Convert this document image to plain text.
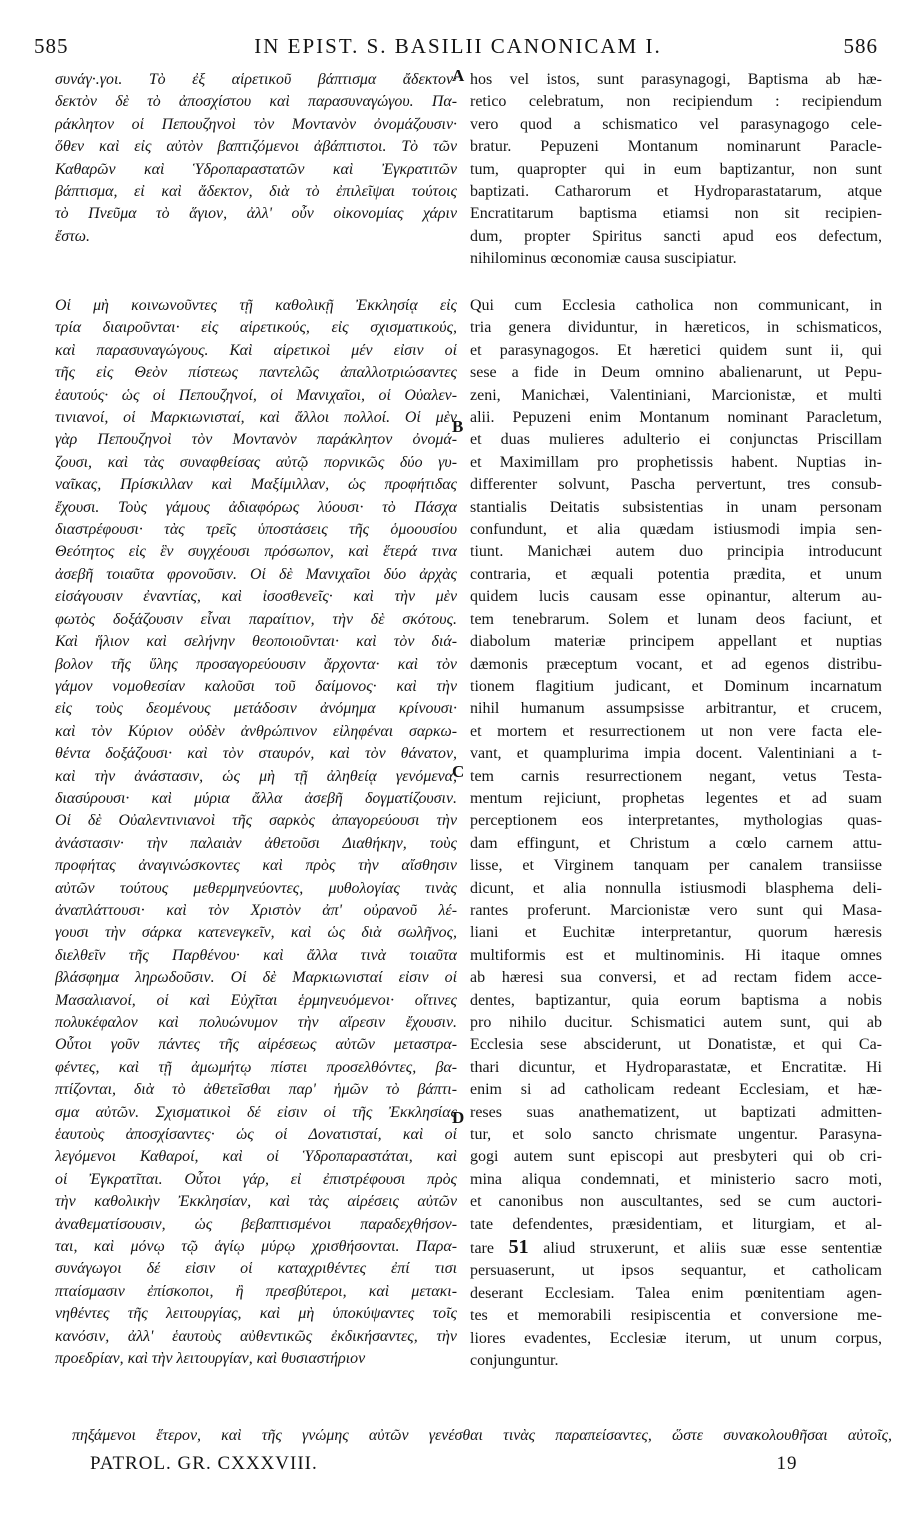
585	IN EPIST. S. BASILII CANONICAM I.	586
συνάγ·.γοι. Τὸ ἐξ αἱρετικοῦ βάπτισμα ἄδεκτον·
δεκτὸν δὲ τὸ ἀποσχίστου καὶ παρασυναγώγου. Πα-
ράκλητον οἱ Πεπουζηνοὶ τὸν Μοντανὸν ὀνομάζουσιν·
ὅθεν καὶ εἰς αὐτὸν βαπτιζόμενοι ἀβάπτιστοι. Τὸ τῶν
Καθαρῶν καὶ Ὑδροπαραστατῶν καὶ Ἐγκρατιτῶν
βάπτισμα, εἰ καὶ ἄδεκτον, διὰ τὸ ἐπιλεῖψαι τούτοις
τὸ Πνεῦμα τὸ ἅγιον, ἀλλ' οὖν οἰκονομίας χάριν
ἔστω.
hos vel istos, sunt parasynagogi, Baptisma ab hæ-
retico celebratum, non recipiendum : recipiendum
vero quod a schismatico vel parasynagogo cele-
bratur. Pepuzeni Montanum nominarunt Paracle-
tum, quapropter qui in eum baptizantur, non sunt
baptizati. Catharorum et Hydroparastatarum, atque
Encratitarum baptisma etiamsi non sit recipien-
dum, propter Spiritus sancti apud eos defectum,
nihilominus œconomiæ causa suscipiatur.
Οἱ μὴ κοινωνοῦντες τῇ καθολικῇ Ἐκκλησίᾳ εἰς
τρία διαιροῦνται· εἰς αἱρετικούς, εἰς σχισματικούς,
καὶ παρασυναγώγους. Καὶ αἱρετικοὶ μέν εἰσιν οἱ
τῆς εἰς Θεὸν πίστεως παντελῶς ἀπαλλοτριώσαντες
ἑαυτούς· ὡς οἱ Πεπουζηνοί, οἱ Μανιχαῖοι, οἱ Οὐαλεν-
τινιανοί, οἱ Μαρκιωνισταί, καὶ ἄλλοι πολλοί. Οἱ μὲν
γὰρ Πεπουζηνοὶ τὸν Μοντανὸν παράκλητον ὀνομά-
ζουσι, καὶ τὰς συναφθείσας αὐτῷ πορνικῶς δύο γυ-
ναῖκας, Πρίσκιλλαν καὶ Μαξίμιλλαν, ὡς προφήτιδας
ἔχουσι. Τοὺς γάμους ἀδιαφόρως λύουσι· τὸ Πάσχα
διαστρέφουσι· τὰς τρεῖς ὑποστάσεις τῆς ὁμοουσίου
Θεότητος εἰς ἓν συγχέουσι πρόσωπον, καὶ ἕτερά τινα
ἀσεβῆ τοιαῦτα φρονοῦσιν. Οἱ δὲ Μανιχαῖοι δύο ἀρχὰς
εἰσάγουσιν ἐναντίας, καὶ ἰσοσθενεῖς· καὶ τὴν μὲν
φωτὸς δοξάζουσιν εἶναι παραίτιον, τὴν δὲ σκότους.
Καὶ ἥλιον καὶ σελήνην θεοποιοῦνται· καὶ τὸν διά-
βολον τῆς ὕλης προσαγορεύουσιν ἄρχοντα· καὶ τὸν
γάμον νομοθεσίαν καλοῦσι τοῦ δαίμονος· καὶ τὴν
εἰς τοὺς δεομένους μετάδοσιν ἀνόμημα κρίνουσι·
καὶ τὸν Κύριον οὐδὲν ἀνθρώπινον εἰληφέναι σαρκω-
θέντα δοξάζουσι· καὶ τὸν σταυρόν, καὶ τὸν θάνατον,
καὶ τὴν ἀνάστασιν, ὡς μὴ τῇ ἀληθείᾳ γενόμενα,
διασύρουσι· καὶ μύρια ἄλλα ἀσεβῆ δογματίζουσιν.
Οἱ δὲ Οὐαλεντινιανοὶ τῆς σαρκὸς ἀπαγορεύουσι τὴν
ἀνάστασιν· τὴν παλαιὰν ἀθετοῦσι Διαθήκην, τοὺς
προφήτας ἀναγινώσκοντες καὶ πρὸς τὴν αἴσθησιν
αὐτῶν τούτους μεθερμηνεύοντες, μυθολογίας τινὰς
ἀναπλάττουσι· καὶ τὸν Χριστὸν ἀπ' οὐρανοῦ λέ-
γουσι τὴν σάρκα κατενεγκεῖν, καὶ ὡς διὰ σωλῆνος,
διελθεῖν τῆς Παρθένου· καὶ ἄλλα τινὰ τοιαῦτα
βλάσφημα ληρωδοῦσιν. Οἱ δὲ Μαρκιωνισταί εἰσιν οἱ
Μασαλιανοί, οἱ καὶ Εὐχῖται ἑρμηνευόμενοι· οἵτινες
πολυκέφαλον καὶ πολυώνυμον τὴν αἵρεσιν ἔχουσιν.
Οὗτοι γοῦν πάντες τῆς αἱρέσεως αὐτῶν μεταστρα-
φέντες, καὶ τῇ ἀμωμήτῳ πίστει προσελθόντες, βα-
πτίζονται, διὰ τὸ ἀθετεῖσθαι παρ' ἡμῶν τὸ βάπτι-
σμα αὐτῶν. Σχισματικοὶ δέ εἰσιν οἱ τῆς Ἐκκλησίας
ἑαυτοὺς ἀποσχίσαντες· ὡς οἱ Δονατισταί, καὶ οἱ
λεγόμενοι Καθαροί, καὶ οἱ Ὑδροπαραστάται, καὶ
οἱ Ἐγκρατῖται. Οὗτοι γάρ, εἰ ἐπιστρέφουσι πρὸς
τὴν καθολικὴν Ἐκκλησίαν, καὶ τὰς αἱρέσεις αὐτῶν
ἀναθεματίσουσιν, ὡς βεβαπτισμένοι παραδεχθήσον-
ται, καὶ μόνῳ τῷ ἁγίῳ μύρῳ χρισθήσονται. Παρα-
συνάγωγοι δέ εἰσιν οἱ καταχριθέντες ἐπί τισι
πταίσμασιν ἐπίσκοποι, ἢ πρεσβύτεροι, καὶ μετακι-
νηθέντες τῆς λειτουργίας, καὶ μὴ ὑποκύψαντες τοῖς
κανόσιν, ἀλλ' ἑαυτοὺς αὐθεντικῶς ἐκδικήσαντες, τὴν
προεδρίαν, καὶ τὴν λειτουργίαν, καὶ θυσιαστήριον
Qui cum Ecclesia catholica non communicant, in
tria genera dividuntur, in hæreticos, in schismaticos,
et parasynagogos. Et hæretici quidem sunt ii, qui
sese a fide in Deum omnino abalienarunt, ut Pepu-
zeni, Manichæi, Valentiniani, Marcionistæ, et multi
alii. Pepuzeni enim Montanum nominant Paracletum,
et duas mulieres adulterio ei conjunctas Priscillam
et Maximillam pro prophetissis habent. Nuptias in-
differenter solvunt, Pascha pervertunt, tres consub-
stantialis Deitatis subsistentias in unam personam
confundunt, et alia quædam istiusmodi impia sen-
tiunt. Manichæi autem duo principia introducunt
contraria, et æquali potentia prædita, et unum
quidem lucis causam esse opinantur, alterum au-
tem tenebrarum. Solem et lunam deos faciunt, et
diabolum materiæ principem appellant et nuptias
dæmonis præceptum vocant, et ad egenos distribu-
tionem flagitium judicant, et Dominum incarnatum
nihil humanum assumpsisse arbitrantur, et crucem,
et mortem et resurrectionem ut non vere facta ele-
vant, et quamplurima impia docent. Valentiniani a t-
tem carnis resurrectionem negant, vetus Testa-
mentum rejiciunt, prophetas legentes et ad suam
perceptionem eos interpretantes, mythologias quas-
dam effingunt, et Christum a cœlo carnem attu-
lisse, et Virginem tanquam per canalem transiisse
dicunt, et alia nonnulla istiusmodi blasphema deli-
rantes proferunt. Marcionistæ vero sunt qui Masa-
liani et Euchitæ interpretantur, quorum hæresis
multiformis est et multinominis. Hi itaque omnes
ab hæresi sua conversi, et ad rectam fidem acce-
dentes, baptizantur, quia eorum baptisma a nobis
pro nihilo ducitur. Schismatici autem sunt, qui ab
Ecclesia sese absciderunt, ut Donatistæ, et qui Ca-
thari dicuntur, et Hydroparastatæ, et Encratitæ. Hi
enim si ad catholicam redeant Ecclesiam, et hæ-
reses suas anathematizent, ut baptizati admitten-
tur, et solo sancto chrismate ungentur. Parasyna-
gogi autem sunt episcopi aut presbyteri qui ob cri-
mina aliqua condemnati, et ministerio sacro moti,
et canonibus non auscultantes, sed se cum auctori-
tate defendentes, præsidentiam, et liturgiam, et al-
tare 51 aliud struxerunt, et aliis suæ esse sententiæ
persuaserunt, ut ipsos sequantur, et catholicam
deserant Ecclesiam. Talea enim pœnitentiam agen-
tes et memorabili resipiscentia et conversione me-
liores evadentes, Ecclesiæ iterum, ut unum corpus,
conjunguntur.
A
B
C
D
πηξάμενοι ἕτερον, καὶ τῆς γνώμης αὐτῶν γενέσθαι τινὰς παραπείσαντες, ὥστε συνακολουθῆσαι αὐτοῖς,
PATROL. GR. CXXXVIII.	19
